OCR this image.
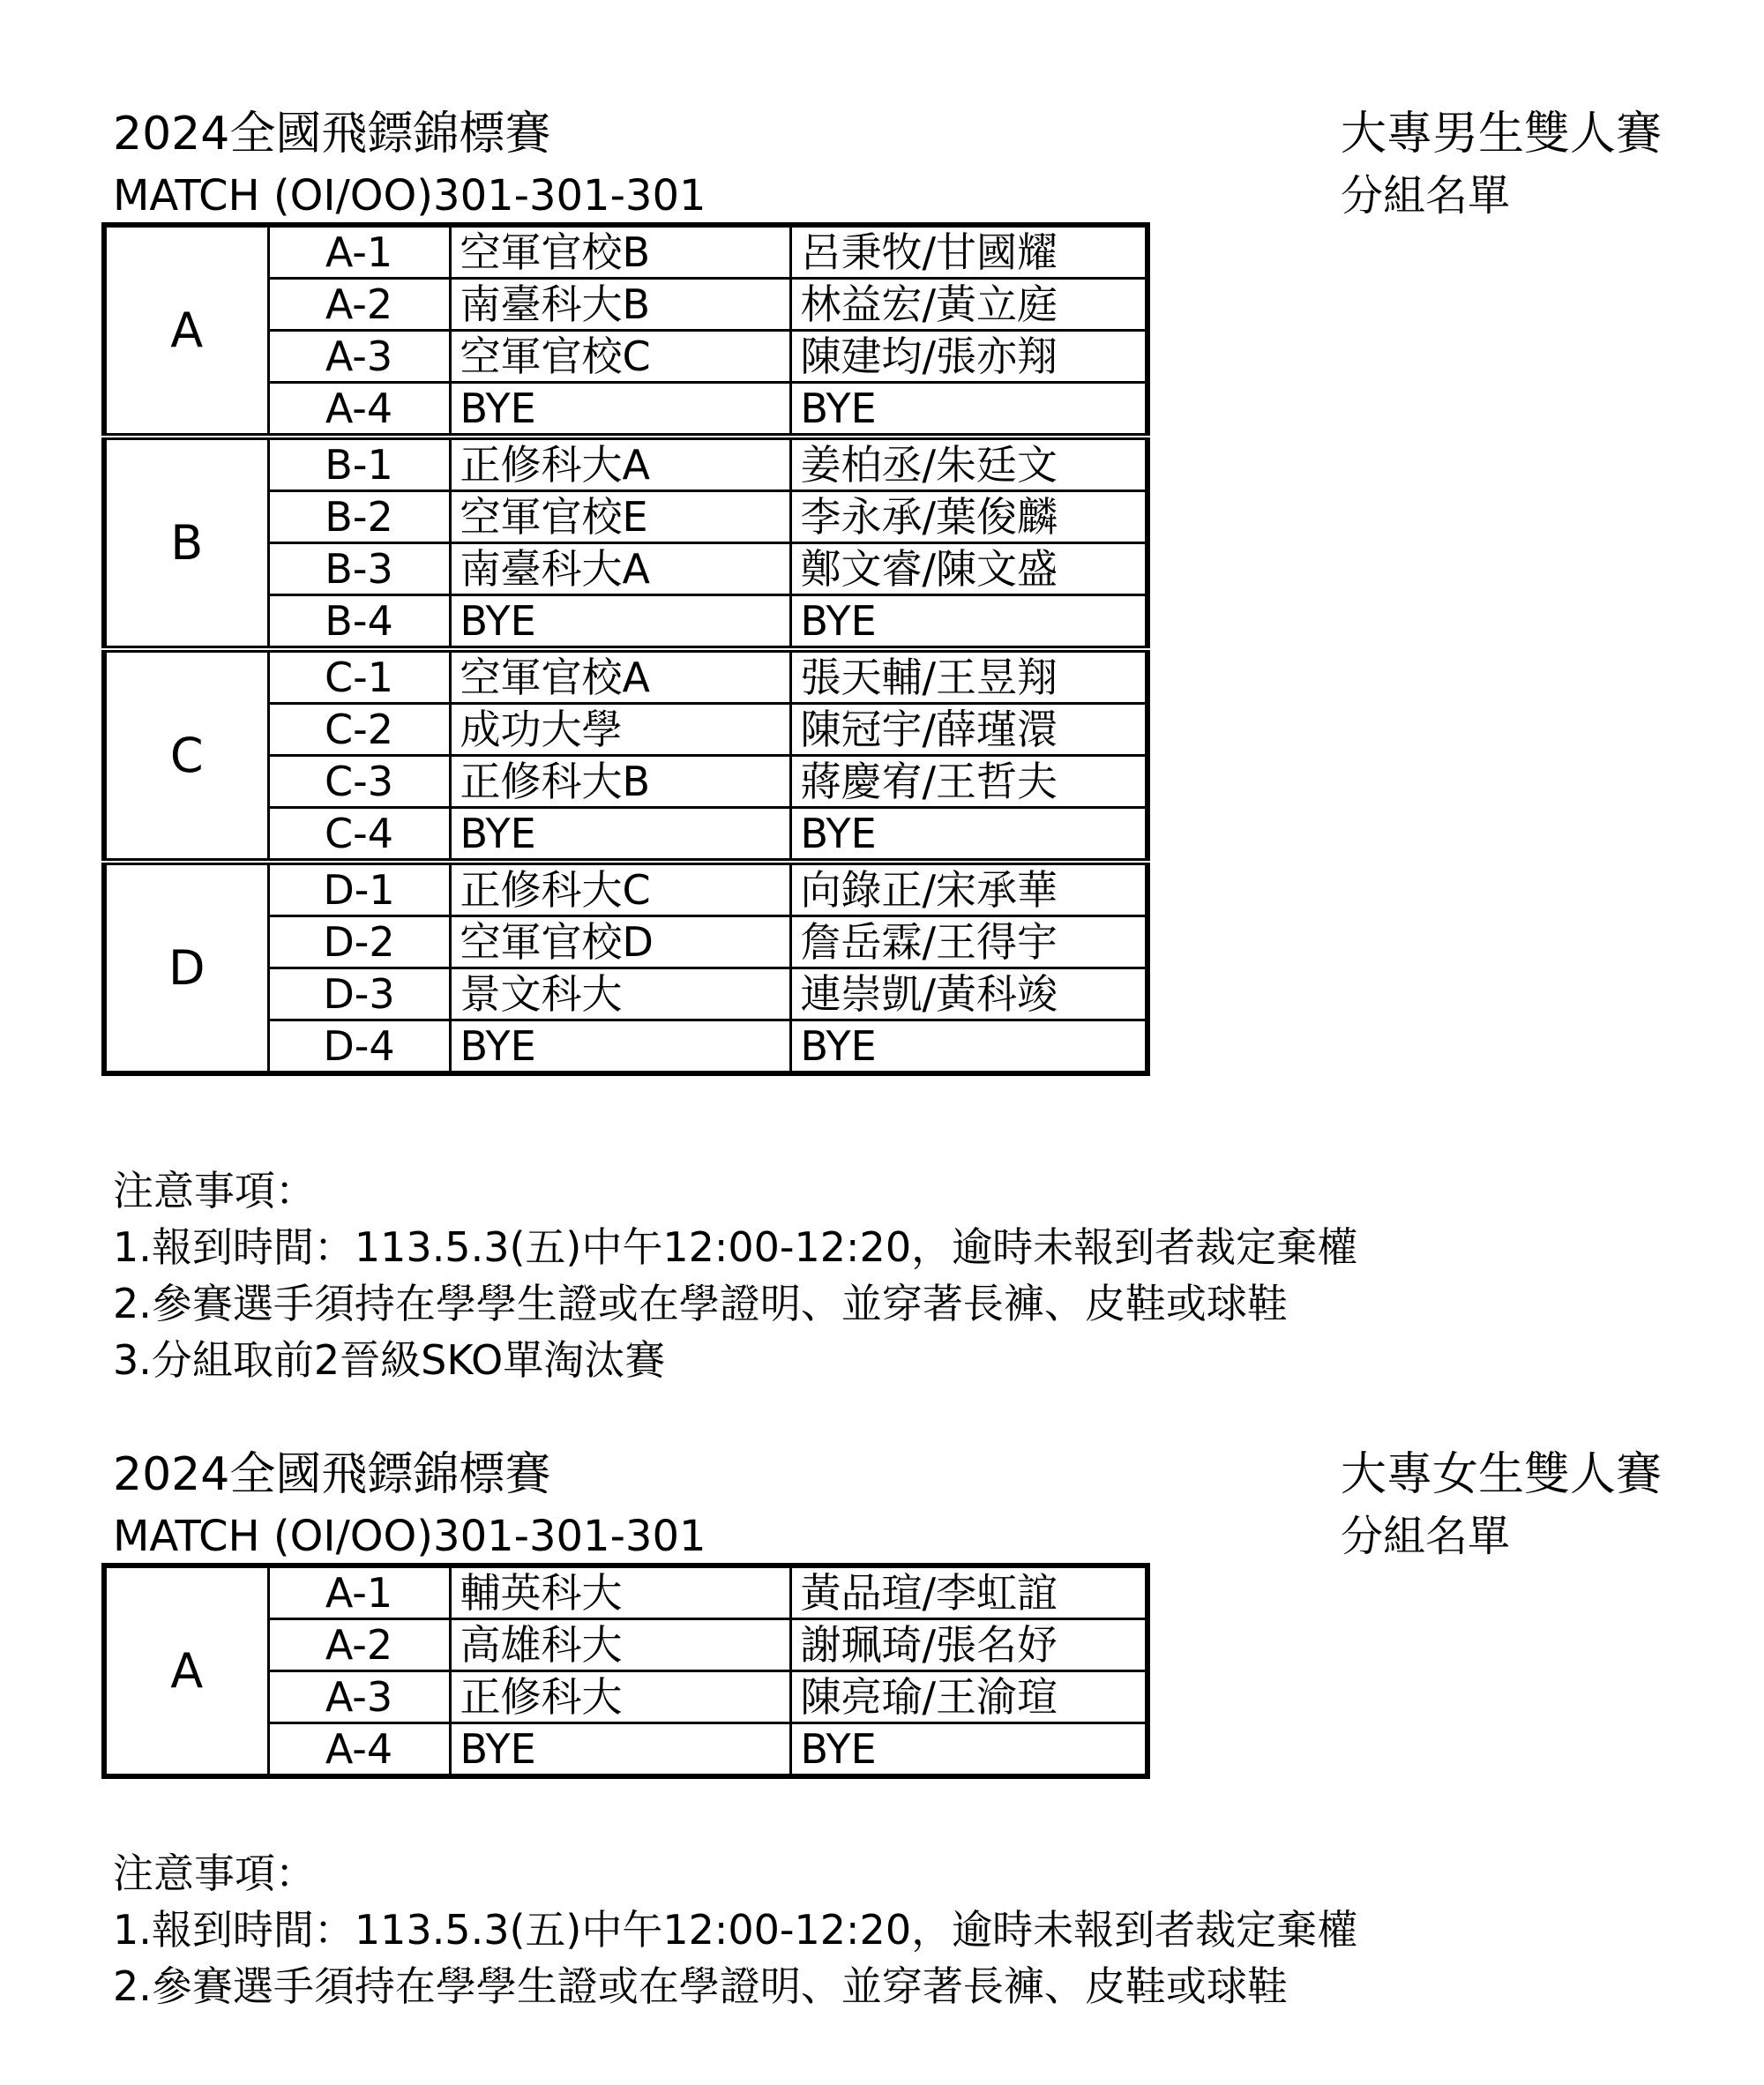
2024全國飛鏢錦標賽
MATCH (OI/OO)301-301-301
大專男生雙人賽
分組名單
A	A-1	空軍官校B	呂秉牧/甘國耀
	A-2	南臺科大B	林益宏/黃立庭
	A-3	空軍官校C	陳建均/張亦翔
	A-4	BYE	BYE
B	B-1	正修科大A	姜柏丞/朱廷文
	B-2	空軍官校E	李永承/葉俊麟
	B-3	南臺科大A	鄭文睿/陳文盛
	B-4	BYE	BYE
C	C-1	空軍官校A	張天輔/王昱翔
	C-2	成功大學	陳冠宇/薛瑾澴
	C-3	正修科大B	蔣慶宥/王哲夫
	C-4	BYE	BYE
D	D-1	正修科大C	向錄正/宋承華
	D-2	空軍官校D	詹岳霖/王得宇
	D-3	景文科大	連崇凱/黃科竣
	D-4	BYE	BYE
注意事項：
1.報到時間：113.5.3(五)中午12:00-12:20，逾時未報到者裁定棄權
2.參賽選手須持在學學生證或在學證明、並穿著長褲、皮鞋或球鞋
3.分組取前2晉級SKO單淘汰賽
2024全國飛鏢錦標賽
MATCH (OI/OO)301-301-301
大專女生雙人賽
分組名單
A	A-1	輔英科大	黃品瑄/李虹誼
	A-2	高雄科大	謝珮琦/張名妤
	A-3	正修科大	陳亮瑜/王渝瑄
	A-4	BYE	BYE
注意事項：
1.報到時間：113.5.3(五)中午12:00-12:20，逾時未報到者裁定棄權
2.參賽選手須持在學學生證或在學證明、並穿著長褲、皮鞋或球鞋
